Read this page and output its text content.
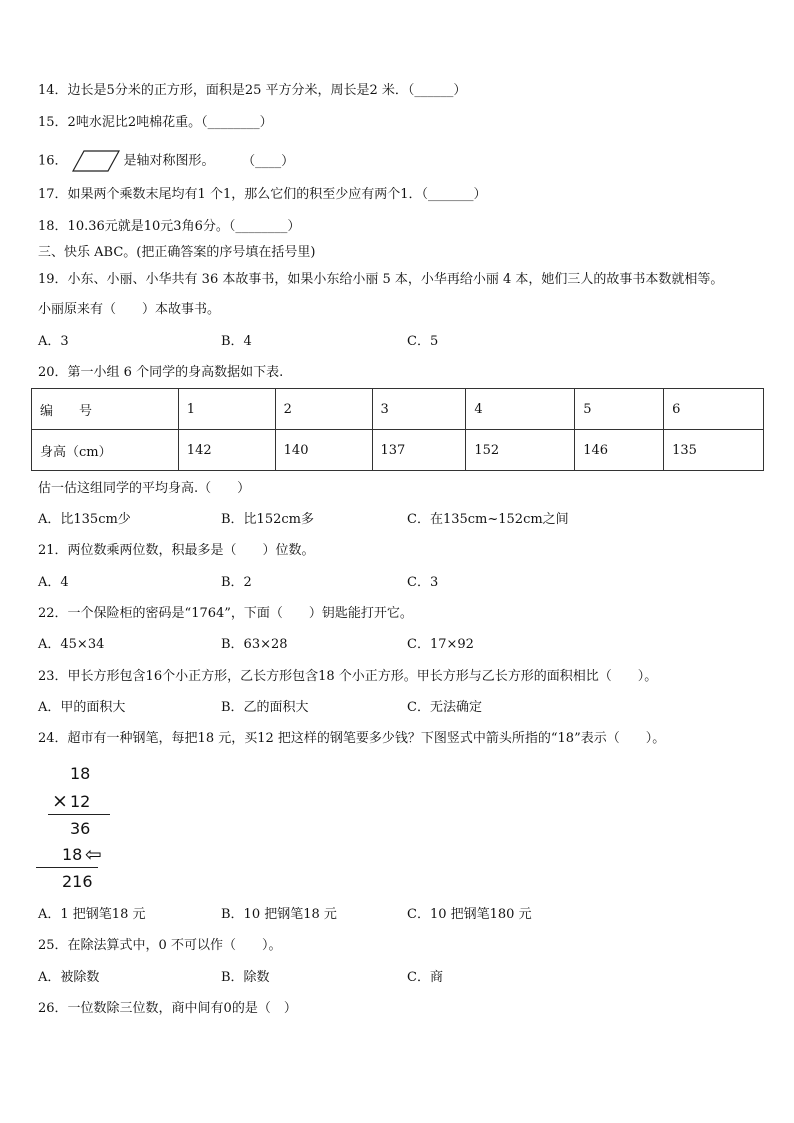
14．边长是5分米的正方形，面积是25 平方分米，周长是2 米．（______）
15．2吨水泥比2吨棉花重。（________）
16．	是轴对称图形。	（____）
17．如果两个乘数末尾均有1 个1，那么它们的积至少应有两个1．（_______）
18．10.36元就是10元3角6分。（________）
三、快乐 ABC。(把正确答案的序号填在括号里)
19．小东、小丽、小华共有 36 本故事书，如果小东给小丽 5 本，小华再给小丽 4 本，她们三人的故事书本数就相等。
小丽原来有（　　）本故事书。
A．3	B．4	C．5
20．第一小组 6 个同学的身高数据如下表.
编　　号	1	2	3	4	5	6
身高（cm）	142	140	137	152	146	135
估一估这组同学的平均身高.（　　）
A．比135cm少	B．比152cm多	C．在135cm~152cm之间
21．两位数乘两位数，积最多是（　　）位数。
A．4	B．2	C．3
22．一个保险柜的密码是“1764”，下面（　　）钥匙能打开它。
A．45×34	B．63×28	C．17×92
23．甲长方形包含16个小正方形，乙长方形包含18 个小正方形。甲长方形与乙长方形的面积相比（　　）。
A．甲的面积大	B．乙的面积大	C．无法确定
24．超市有一种钢笔，每把18 元，买12 把这样的钢笔要多少钱？下图竖式中箭头所指的“18”表示（　　）。
18
× 12
36
18 ⇦
216
A．1 把钢笔18 元	B．10 把钢笔18 元	C．10 把钢笔180 元
25．在除法算式中，0 不可以作（　　）。
A．被除数	B．除数	C．商
26．一位数除三位数，商中间有0的是（　）
